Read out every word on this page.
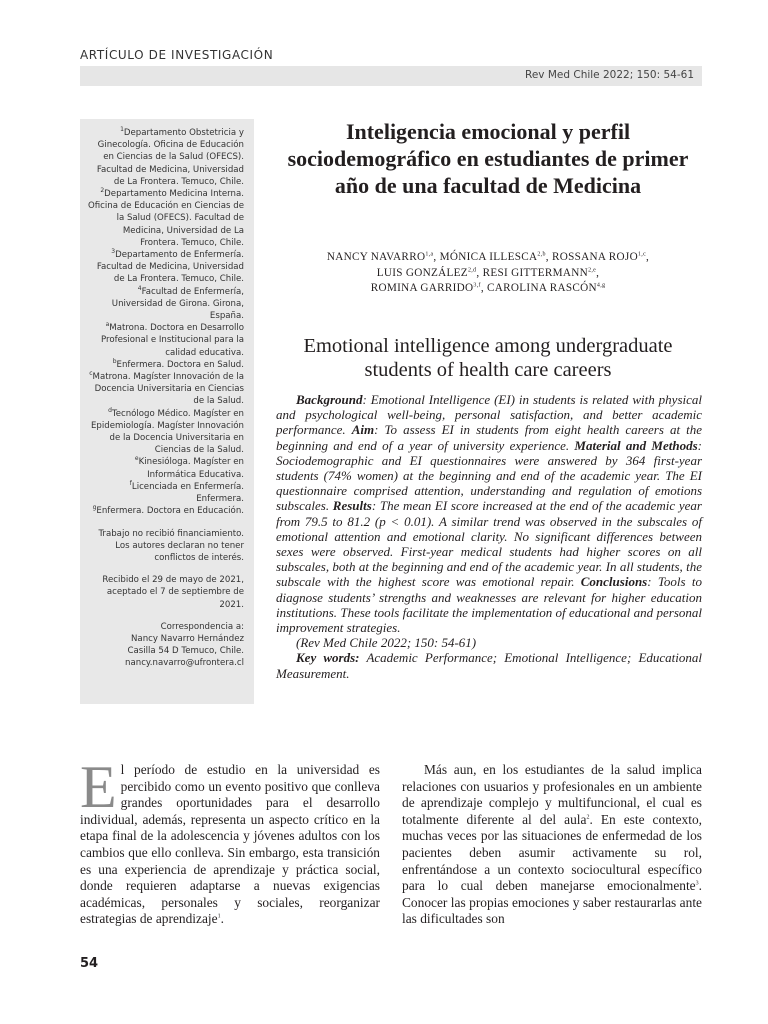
ARTÍCULO DE INVESTIGACIÓN
Rev Med Chile 2022; 150: 54-61

$^1$Departamento Obstetricia y Ginecología. Oficina de Educación en Ciencias de la Salud (OFECS). Facultad de Medicina, Universidad de La Frontera. Temuco, Chile.
$^2$Departamento Medicina Interna. Oficina de Educación en Ciencias de la Salud (OFECS). Facultad de Medicina, Universidad de La Frontera. Temuco, Chile.
$^3$Departamento de Enfermería. Facultad de Medicina, Universidad de La Frontera. Temuco, Chile.
$^4$Facultad de Enfermería, Universidad de Girona. Girona, España.
$^a$Matrona. Doctora en Desarrollo Profesional e Institucional para la calidad educativa.
$^b$Enfermera. Doctora en Salud.
$^c$Matrona. Magíster Innovación de la Docencia Universitaria en Ciencias de la Salud.
$^d$Tecnólogo Médico. Magíster en Epidemiología. Magíster Innovación de la Docencia Universitaria en Ciencias de la Salud.
$^e$Kinesióloga. Magíster en Informática Educativa.
$^f$Licenciada en Enfermería. Enfermera.
$^g$Enfermera. Doctora en Educación.

Trabajo no recibió financiamiento. Los autores declaran no tener conflictos de interés.

Recibido el 29 de mayo de 2021, aceptado el 7 de septiembre de 2021.

Correspondencia a:
Nancy Navarro Hernández
Casilla 54 D Temuco, Chile.
nancy.navarro@ufrontera.cl

Inteligencia emocional y perfil sociodemográfico en estudiantes de primer año de una facultad de Medicina
NANCY NAVARRO$^{1,a}$, MÓNICA ILLESCA$^{2,b}$, ROSSANA ROJO$^{1,c}$,
LUIS GONZÁLEZ$^{2,d}$, RESI GITTERMANN$^{2,e}$,
ROMINA GARRIDO$^{3,f}$, CAROLINA RASCÓN$^{4,g}$
Emotional intelligence among undergraduate students of health care careers

Background: Emotional Intelligence (EI) in students is related with physical and psychological well-being, personal satisfaction, and better academic performance. Aim: To assess EI in students from eight health careers at the beginning and end of a year of university experience. Material and Methods: Sociodemographic and EI questionnaires were answered by 364 first-year students (74% women) at the beginning and end of the academic year. The EI questionnaire comprised attention, understanding and regulation of emotions subscales. Results: The mean EI score increased at the end of the academic year from 79.5 to 81.2 (p < 0.01). A similar trend was observed in the subscales of emotional attention and emotional clarity. No significant differences between sexes were observed. First-year medical students had higher scores on all subscales, both at the beginning and end of the academic year. In all students, the subscale with the highest score was emotional repair. Conclusions: Tools to diagnose students’ strengths and weaknesses are relevant for higher education institutions. These tools facilitate the implementation of educational and personal improvement strategies.

(Rev Med Chile 2022; 150: 54-61)

Key words: Academic Performance; Emotional Intelligence; Educational Measurement.

El período de estudio en la universidad es percibido como un evento positivo que conlleva grandes oportunidades para el desarrollo individual, además, representa un aspecto crítico en la etapa final de la adolescencia y jóvenes adultos con los cambios que ello conlleva. Sin embargo, esta transición es una experiencia de aprendizaje y práctica social, donde requieren adaptarse a nuevas exigencias académicas, personales y sociales, reorganizar estrategias de aprendizaje$^1$.

Más aun, en los estudiantes de la salud implica relaciones con usuarios y profesionales en un ambiente de aprendizaje complejo y multifuncional, el cual es totalmente diferente al del aula$^2$. En este contexto, muchas veces por las situaciones de enfermedad de los pacientes deben asumir activamente su rol, enfrentándose a un contexto sociocultural específico para lo cual deben manejarse emocionalmente$^3$. Conocer las propias emociones y saber restaurarlas ante las dificultades son

54
